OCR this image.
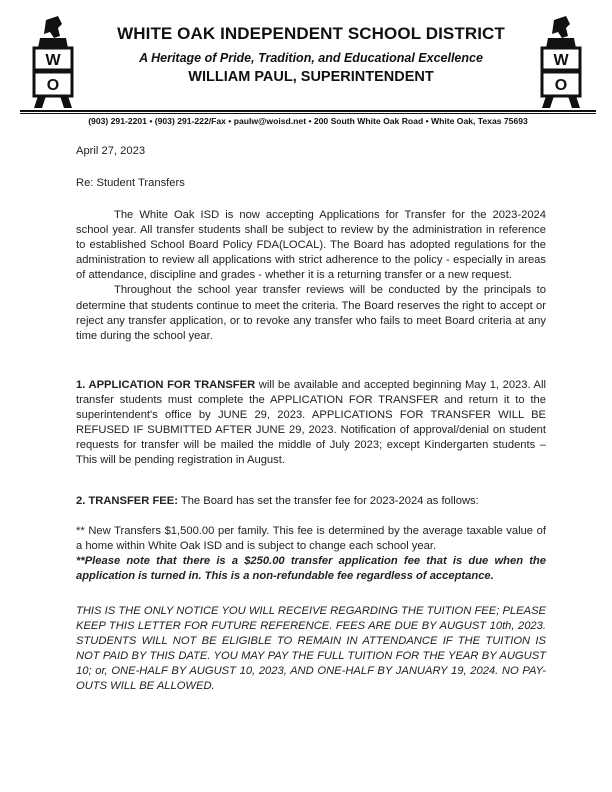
W
O
WHITE OAK INDEPENDENT SCHOOL DISTRICT
A Heritage of Pride, Tradition, and Educational Excellence
WILLIAM PAUL, SUPERINTENDENT
W
O
(903) 291-2201 • (903) 291-222/Fax • paulw@woisd.net • 200 South White Oak Road • White Oak, Texas 75693
April 27, 2023
Re: Student Transfers

The White Oak ISD is now accepting Applications for Transfer for the 2023-2024 school year. All transfer students shall be subject to review by the administration in reference to established School Board Policy FDA(LOCAL). The Board has adopted regulations for the administration to review all applications with strict adherence to the policy - especially in areas of attendance, discipline and grades - whether it is a returning transfer or a new request.

Throughout the school year transfer reviews will be conducted by the principals to determine that students continue to meet the criteria. The Board reserves the right to accept or reject any transfer application, or to revoke any transfer who fails to meet Board criteria at any time during the school year.

1. APPLICATION FOR TRANSFER will be available and accepted beginning May 1, 2023. All transfer students must complete the APPLICATION FOR TRANSFER and return it to the superintendent's office by JUNE 29, 2023. APPLICATIONS FOR TRANSFER WILL BE REFUSED IF SUBMITTED AFTER JUNE 29, 2023. Notification of approval/denial on student requests for transfer will be mailed the middle of July 2023; except Kindergarten students – This will be pending registration in August.

2. TRANSFER FEE: The Board has set the transfer fee for 2023-2024 as follows:

** New Transfers $1,500.00 per family. This fee is determined by the average taxable value of a home within White Oak ISD and is subject to change each school year.

**Please note that there is a $250.00 transfer application fee that is due when the application is turned in. This is a non-refundable fee regardless of acceptance.

THIS IS THE ONLY NOTICE YOU WILL RECEIVE REGARDING THE TUITION FEE; PLEASE KEEP THIS LETTER FOR FUTURE REFERENCE. FEES ARE DUE BY AUGUST 10th, 2023. STUDENTS WILL NOT BE ELIGIBLE TO REMAIN IN ATTENDANCE IF THE TUITION IS NOT PAID BY THIS DATE. YOU MAY PAY THE FULL TUITION FOR THE YEAR BY AUGUST 10; or, ONE-HALF BY AUGUST 10, 2023, AND ONE-HALF BY JANUARY 19, 2024. NO PAY-OUTS WILL BE ALLOWED.
